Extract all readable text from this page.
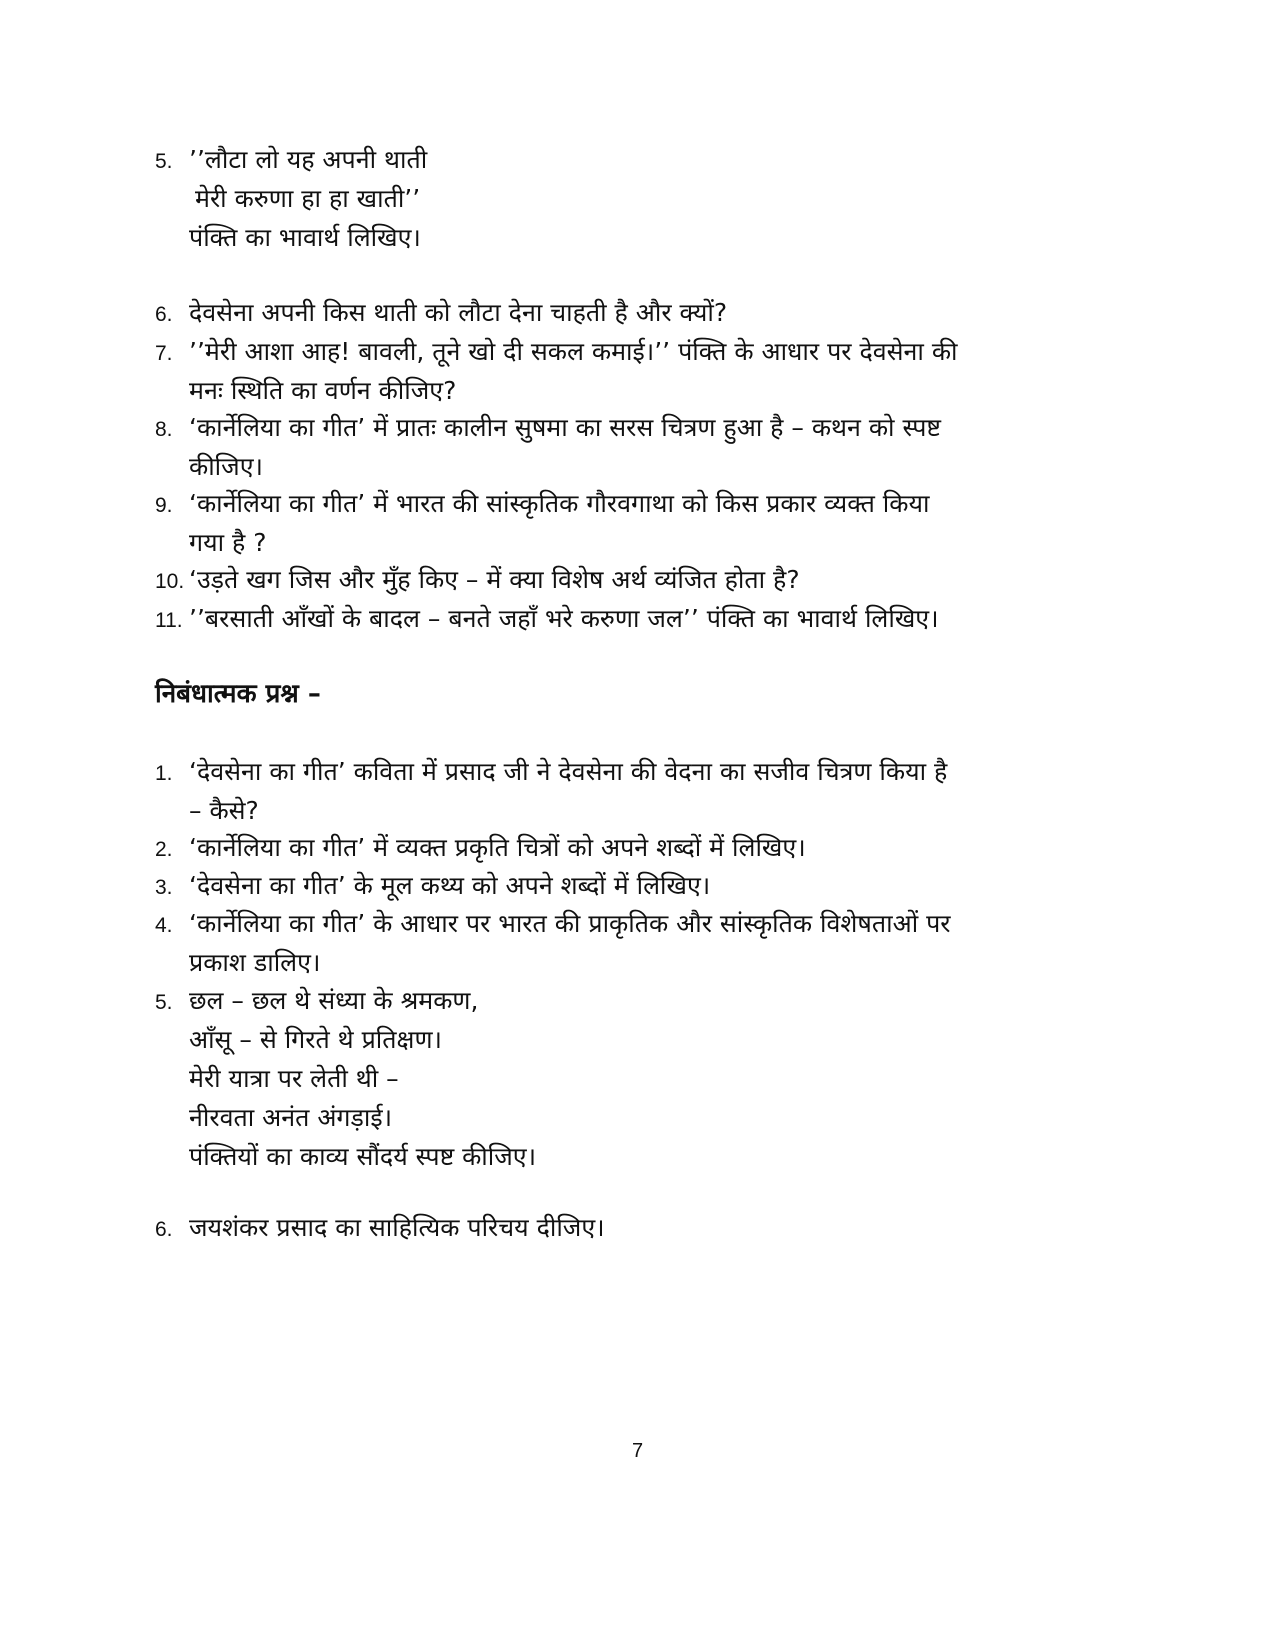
5. ’’लौटा लो यह अपनी थाती
मेरी करुणा हा हा खाती’’
पंक्ति का भावार्थ लिखिए।
6. देवसेना अपनी किस थाती को लौटा देना चाहती है और क्यों?
7. ’’मेरी आशा आह! बावली, तूने खो दी सकल कमाई।’’ पंक्ति के आधार पर देवसेना की
मनः स्थिति का वर्णन कीजिए?
8. ‘कार्नेलिया का गीत’ में प्रातः कालीन सुषमा का सरस चित्रण हुआ है – कथन को स्पष्ट
कीजिए।
9. ‘कार्नेलिया का गीत’ में भारत की सांस्कृतिक गौरवगाथा को किस प्रकार व्यक्त किया
गया है ?
10. ‘उड़ते खग जिस और मुँह किए – में क्या विशेष अर्थ व्यंजित होता है?
11. ’’बरसाती आँखों के बादल – बनते जहाँ भरे करुणा जल’’ पंक्ति का भावार्थ लिखिए।
निबंधात्मक प्रश्न –
1. ‘देवसेना का गीत’ कविता में प्रसाद जी ने देवसेना की वेदना का सजीव चित्रण किया है
– कैसे?
2. ‘कार्नेलिया का गीत’ में व्यक्त प्रकृति चित्रों को अपने शब्दों में लिखिए।
3. ‘देवसेना का गीत’ के मूल कथ्य को अपने शब्दों में लिखिए।
4. ‘कार्नेलिया का गीत’ के आधार पर भारत की प्राकृतिक और सांस्कृतिक विशेषताओं पर
प्रकाश डालिए।
5. छल – छल थे संध्या के श्रमकण,
आँसू – से गिरते थे प्रतिक्षण।
मेरी यात्रा पर लेती थी –
नीरवता अनंत अंगड़ाई।
पंक्तियों का काव्य सौंदर्य स्पष्ट कीजिए।
6. जयशंकर प्रसाद का साहित्यिक परिचय दीजिए।
7
